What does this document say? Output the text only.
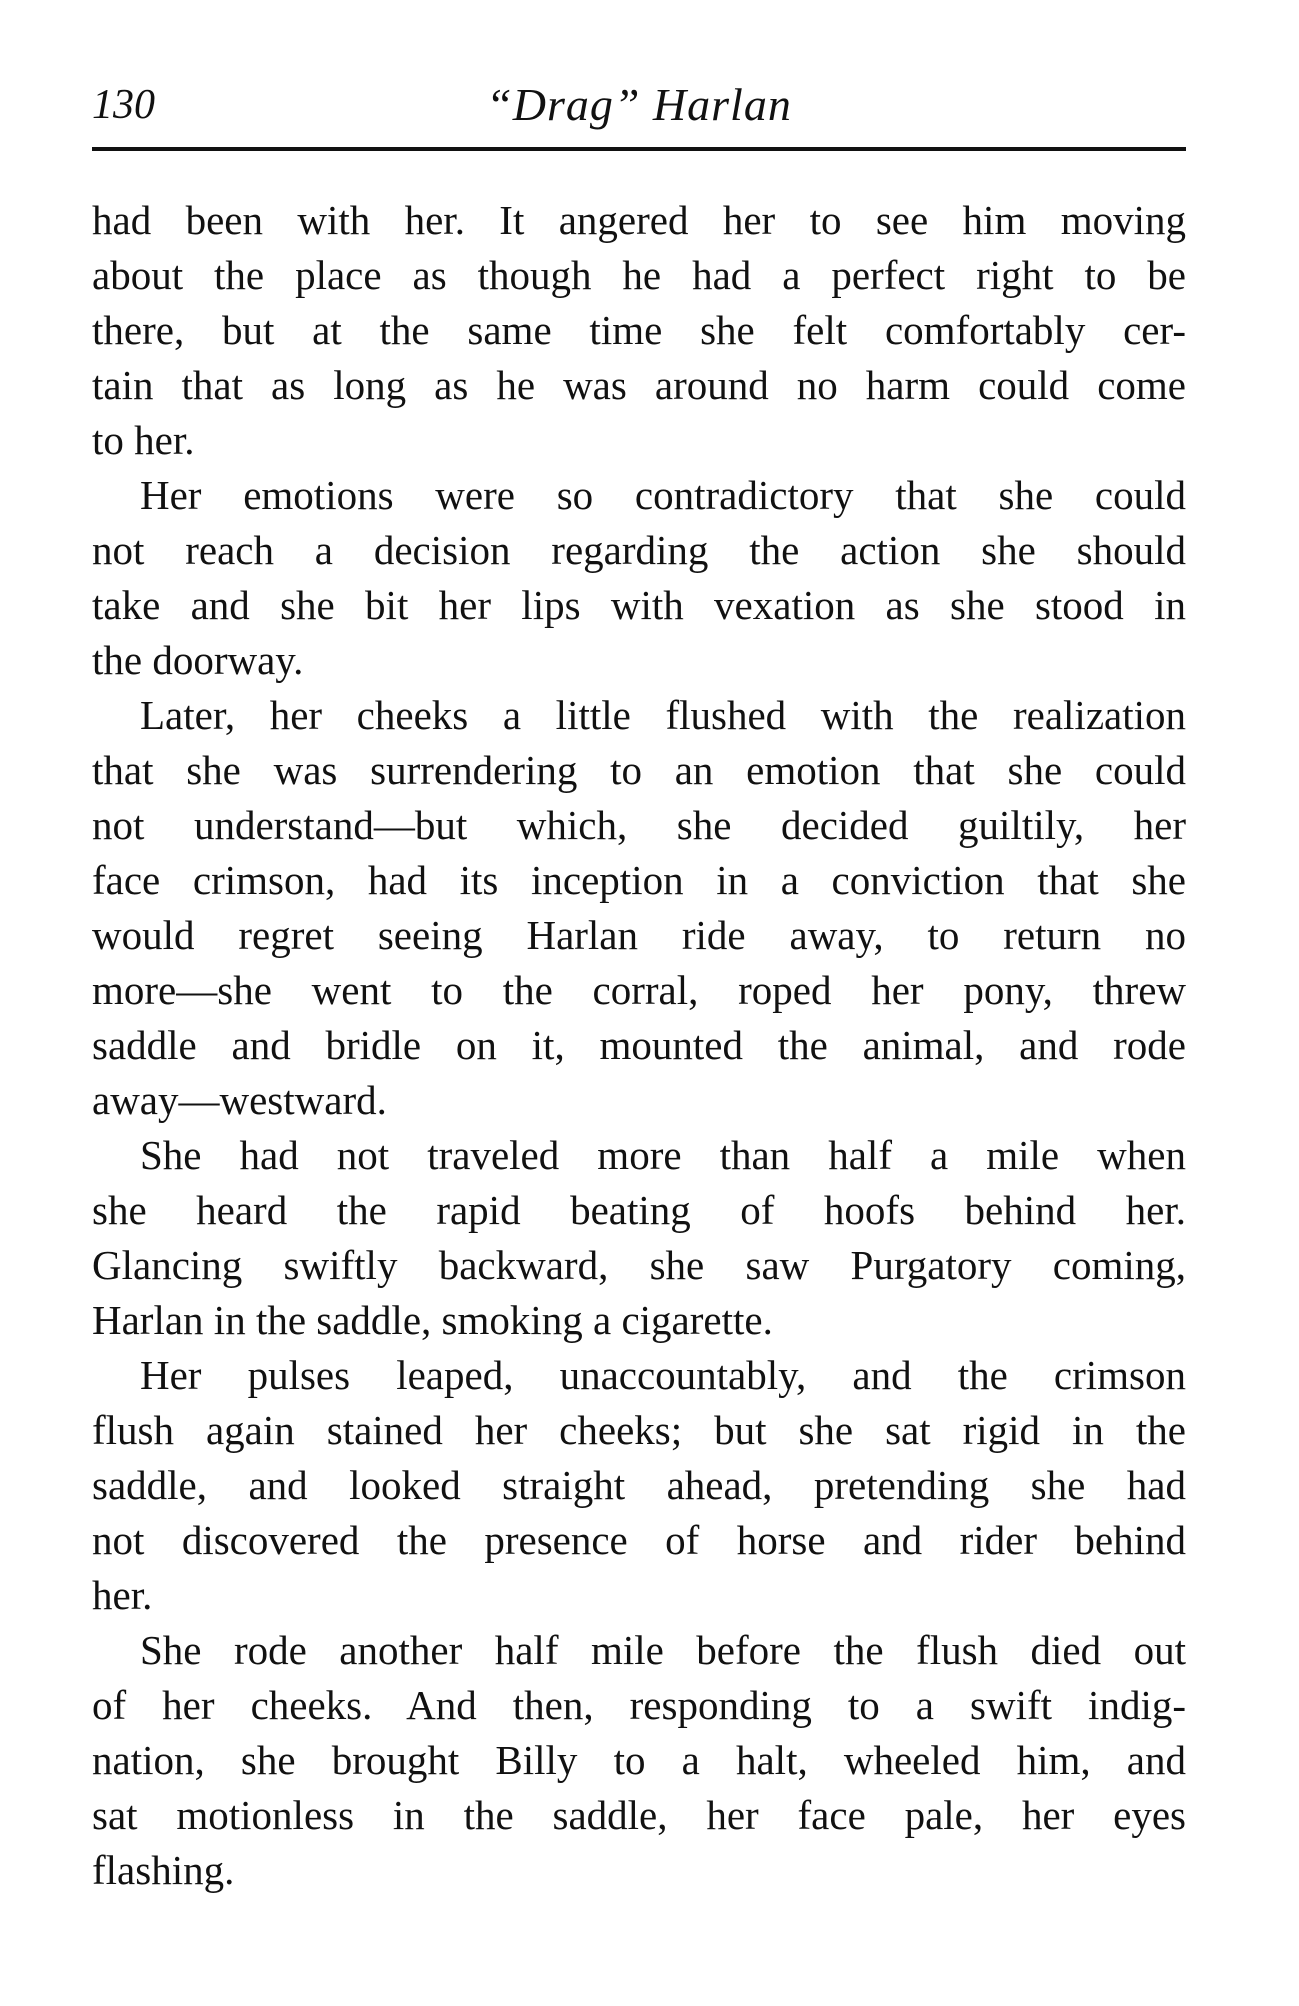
130	“Drag” Harlan
had been with her. It angered her to see him moving
about the place as though he had a perfect right to be
there, but at the same time she felt comfortably cer-
tain that as long as he was around no harm could come
to her.
Her emotions were so contradictory that she could
not reach a decision regarding the action she should
take and she bit her lips with vexation as she stood in
the doorway.
Later, her cheeks a little flushed with the realization
that she was surrendering to an emotion that she could
not understand—but which, she decided guiltily, her
face crimson, had its inception in a conviction that she
would regret seeing Harlan ride away, to return no
more—she went to the corral, roped her pony, threw
saddle and bridle on it, mounted the animal, and rode
away—westward.
She had not traveled more than half a mile when
she heard the rapid beating of hoofs behind her.
Glancing swiftly backward, she saw Purgatory coming,
Harlan in the saddle, smoking a cigarette.
Her pulses leaped, unaccountably, and the crimson
flush again stained her cheeks; but she sat rigid in the
saddle, and looked straight ahead, pretending she had
not discovered the presence of horse and rider behind
her.
She rode another half mile before the flush died out
of her cheeks. And then, responding to a swift indig-
nation, she brought Billy to a halt, wheeled him, and
sat motionless in the saddle, her face pale, her eyes
flashing.
